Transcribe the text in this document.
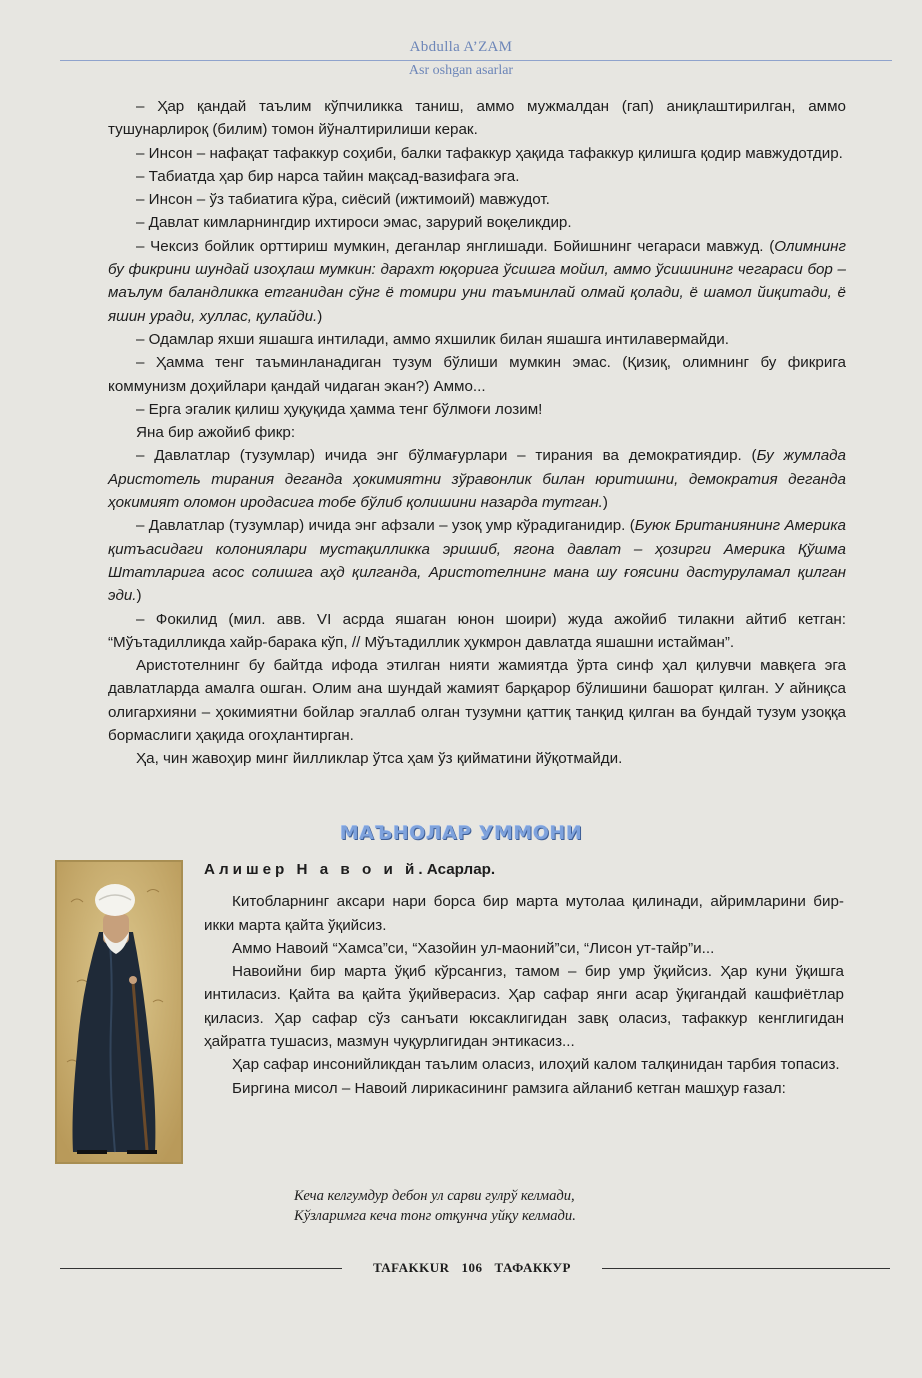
Abdulla A’ZAM
Asr oshgan asarlar

– Ҳар қандай таълим кўпчиликка таниш, аммо мужмалдан (гап) аниқлаштирилган, аммо тушунарлироқ (билим) томон йўналтирилиши керак.

– Инсон – нафақат тафаккур соҳиби, балки тафаккур ҳақида тафаккур қилишга қодир мавжудотдир.

– Табиатда ҳар бир нарса тайин мақсад-вазифага эга.

– Инсон – ўз табиатига кўра, сиёсий (ижтимоий) мавжудот.

– Давлат кимларнингдир ихтироси эмас, зарурий воқеликдир.

– Чексиз бойлик орттириш мумкин, деганлар янглишади. Бойишнинг чегараси мавжуд. (Олимнинг бу фикрини шундай изоҳлаш мумкин: дарахт юқорига ўсишга мойил, аммо ўсишининг чегараси бор – маълум баландликка етганидан сўнг ё томири уни таъминлай олмай қолади, ё шамол йиқитади, ё яшин уради, хуллас, қулайди.)

– Одамлар яхши яшашга интилади, аммо яхшилик билан яшашга интилавермайди.

– Ҳамма тенг таъминланадиган тузум бўлиши мумкин эмас. (Қизиқ, олимнинг бу фикрига коммунизм доҳийлари қандай чидаган экан?) Аммо...

– Ерга эгалик қилиш ҳуқуқида ҳамма тенг бўлмоғи лозим!

Яна бир ажойиб фикр:

– Давлатлар (тузумлар) ичида энг бўлмағурлари – тирания ва демократиядир. (Бу жумлада Аристотель тирания деганда ҳокимиятни зўравонлик билан юритишни, демократия деганда ҳокимият оломон иродасига тобе бўлиб қолишини назарда тутган.)

– Давлатлар (тузумлар) ичида энг афзали – узоқ умр кўрадиганидир. (Буюк Британиянинг Америка қитъасидаги колониялари мустақилликка эришиб, ягона давлат – ҳозирги Америка Қўшма Штатларига асос солишга аҳд қилганда, Аристотелнинг мана шу ғоясини дастуруламал қилган эди.)

– Фокилид (мил. авв. VI асрда яшаган юнон шоири) жуда ажойиб тилакни айтиб кетган: “Мўътадилликда хайр-барака кўп, // Мўътадиллик ҳукмрон давлатда яшашни истайман”.

Аристотелнинг бу байтда ифода этилган нияти жамиятда ўрта синф ҳал қилувчи мавқега эга давлатларда амалга ошган. Олим ана шундай жамият барқарор бўлишини башорат қилган. У айниқса олигархияни – ҳокимиятни бойлар эгаллаб олган тузумни қаттиқ танқид қилган ва бундай тузум узоққа бормаслиги ҳақида огоҳлантирган.

Ҳа, чин жавоҳир минг йилликлар ўтса ҳам ўз қийматини йўқотмайди.

МАЪНОЛАР УММОНИ

Алишер Н а в о и й. Асарлар.

Китобларнинг аксари нари борса бир марта мутолаа қилинади, айримларини бир-икки марта қайта ўқийсиз.

Аммо Навоий “Хамса”си, “Хазойин ул-маоний”си, “Лисон ут-тайр”и...

Навоийни бир марта ўқиб кўрсангиз, тамом – бир умр ўқийсиз. Ҳар куни ўқишга интиласиз. Қайта ва қайта ўқийверасиз. Ҳар сафар янги асар ўқигандай кашфиётлар қиласиз. Ҳар сафар сўз санъати юксаклигидан завқ оласиз, тафаккур кенглигидан ҳайратга тушасиз, мазмун чуқурлигидан энтикасиз...

Ҳар сафар инсонийликдан таълим оласиз, илоҳий калом талқинидан тарбия топасиз.

Биргина мисол – Навоий лирикасининг рамзига айланиб кетган машҳур ғазал:

Кеча келгумдур дебон ул сарви гулрў келмади,
Кўзларимга кеча тонг отқунча уйқу келмади.
TAFAKKUR 106 ТАФАККУР
